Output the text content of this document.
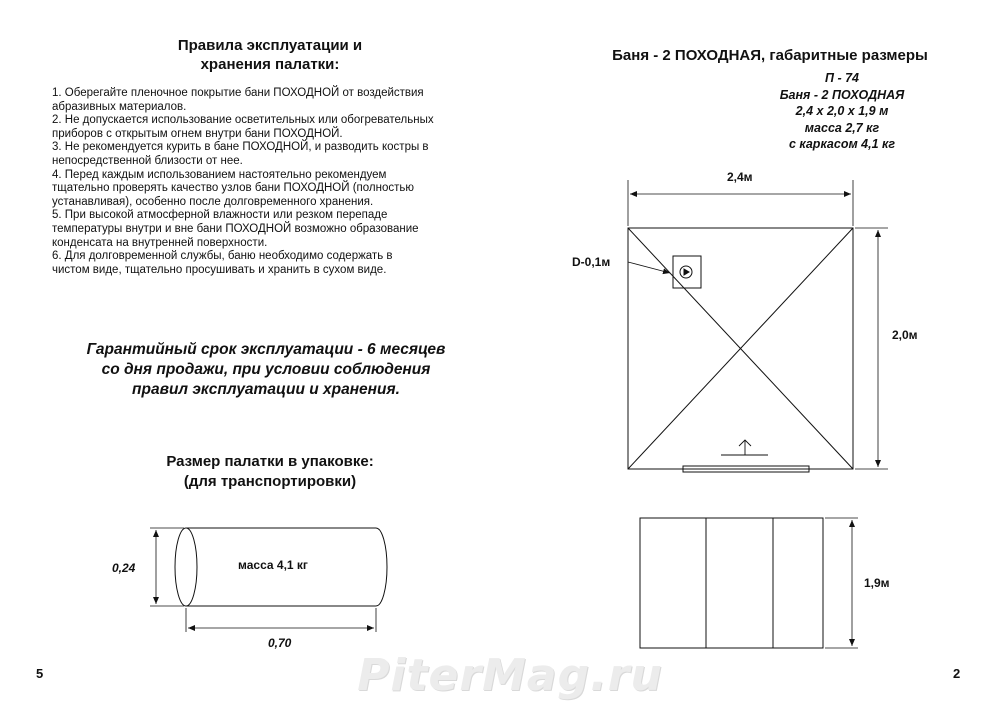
Правила эксплуатации и
хранения палатки:

1. Оберегайте пленочное покрытие бани ПОХОДНОЙ от воздействия

абразивных материалов.

2. Не допускается использование осветительных или обогревательных

приборов с открытым огнем внутри бани ПОХОДНОЙ.

3. Не рекомендуется курить в бане ПОХОДНОЙ, и разводить костры в

непосредственной близости от нее.

4. Перед каждым использованием настоятельно рекомендуем

тщательно проверять качество узлов бани ПОХОДНОЙ (полностью

устанавливая), особенно после долговременного хранения.

5. При высокой атмосферной влажности или резком перепаде

температуры внутри и вне бани ПОХОДНОЙ возможно образование

конденсата на внутренней поверхности.

6. Для долговременной службы, баню необходимо содержать в

чистом виде, тщательно просушивать и хранить в сухом виде.

Гарантийный срок эксплуатации - 6 месяцев
со дня продажи, при условии соблюдения
правил эксплуатации и хранения.
Размер палатки в упаковке:
(для транспортировки)
масса 4,1 кг
0,24
0,70
5
Баня - 2 ПОХОДНАЯ, габаритные размеры
П - 74
Баня - 2 ПОХОДНАЯ
2,4 х 2,0 х 1,9 м
масса 2,7 кг
с каркасом 4,1 кг
2,4м
2,0м
D-0,1м
1,9м
2
PiterMag.ru
